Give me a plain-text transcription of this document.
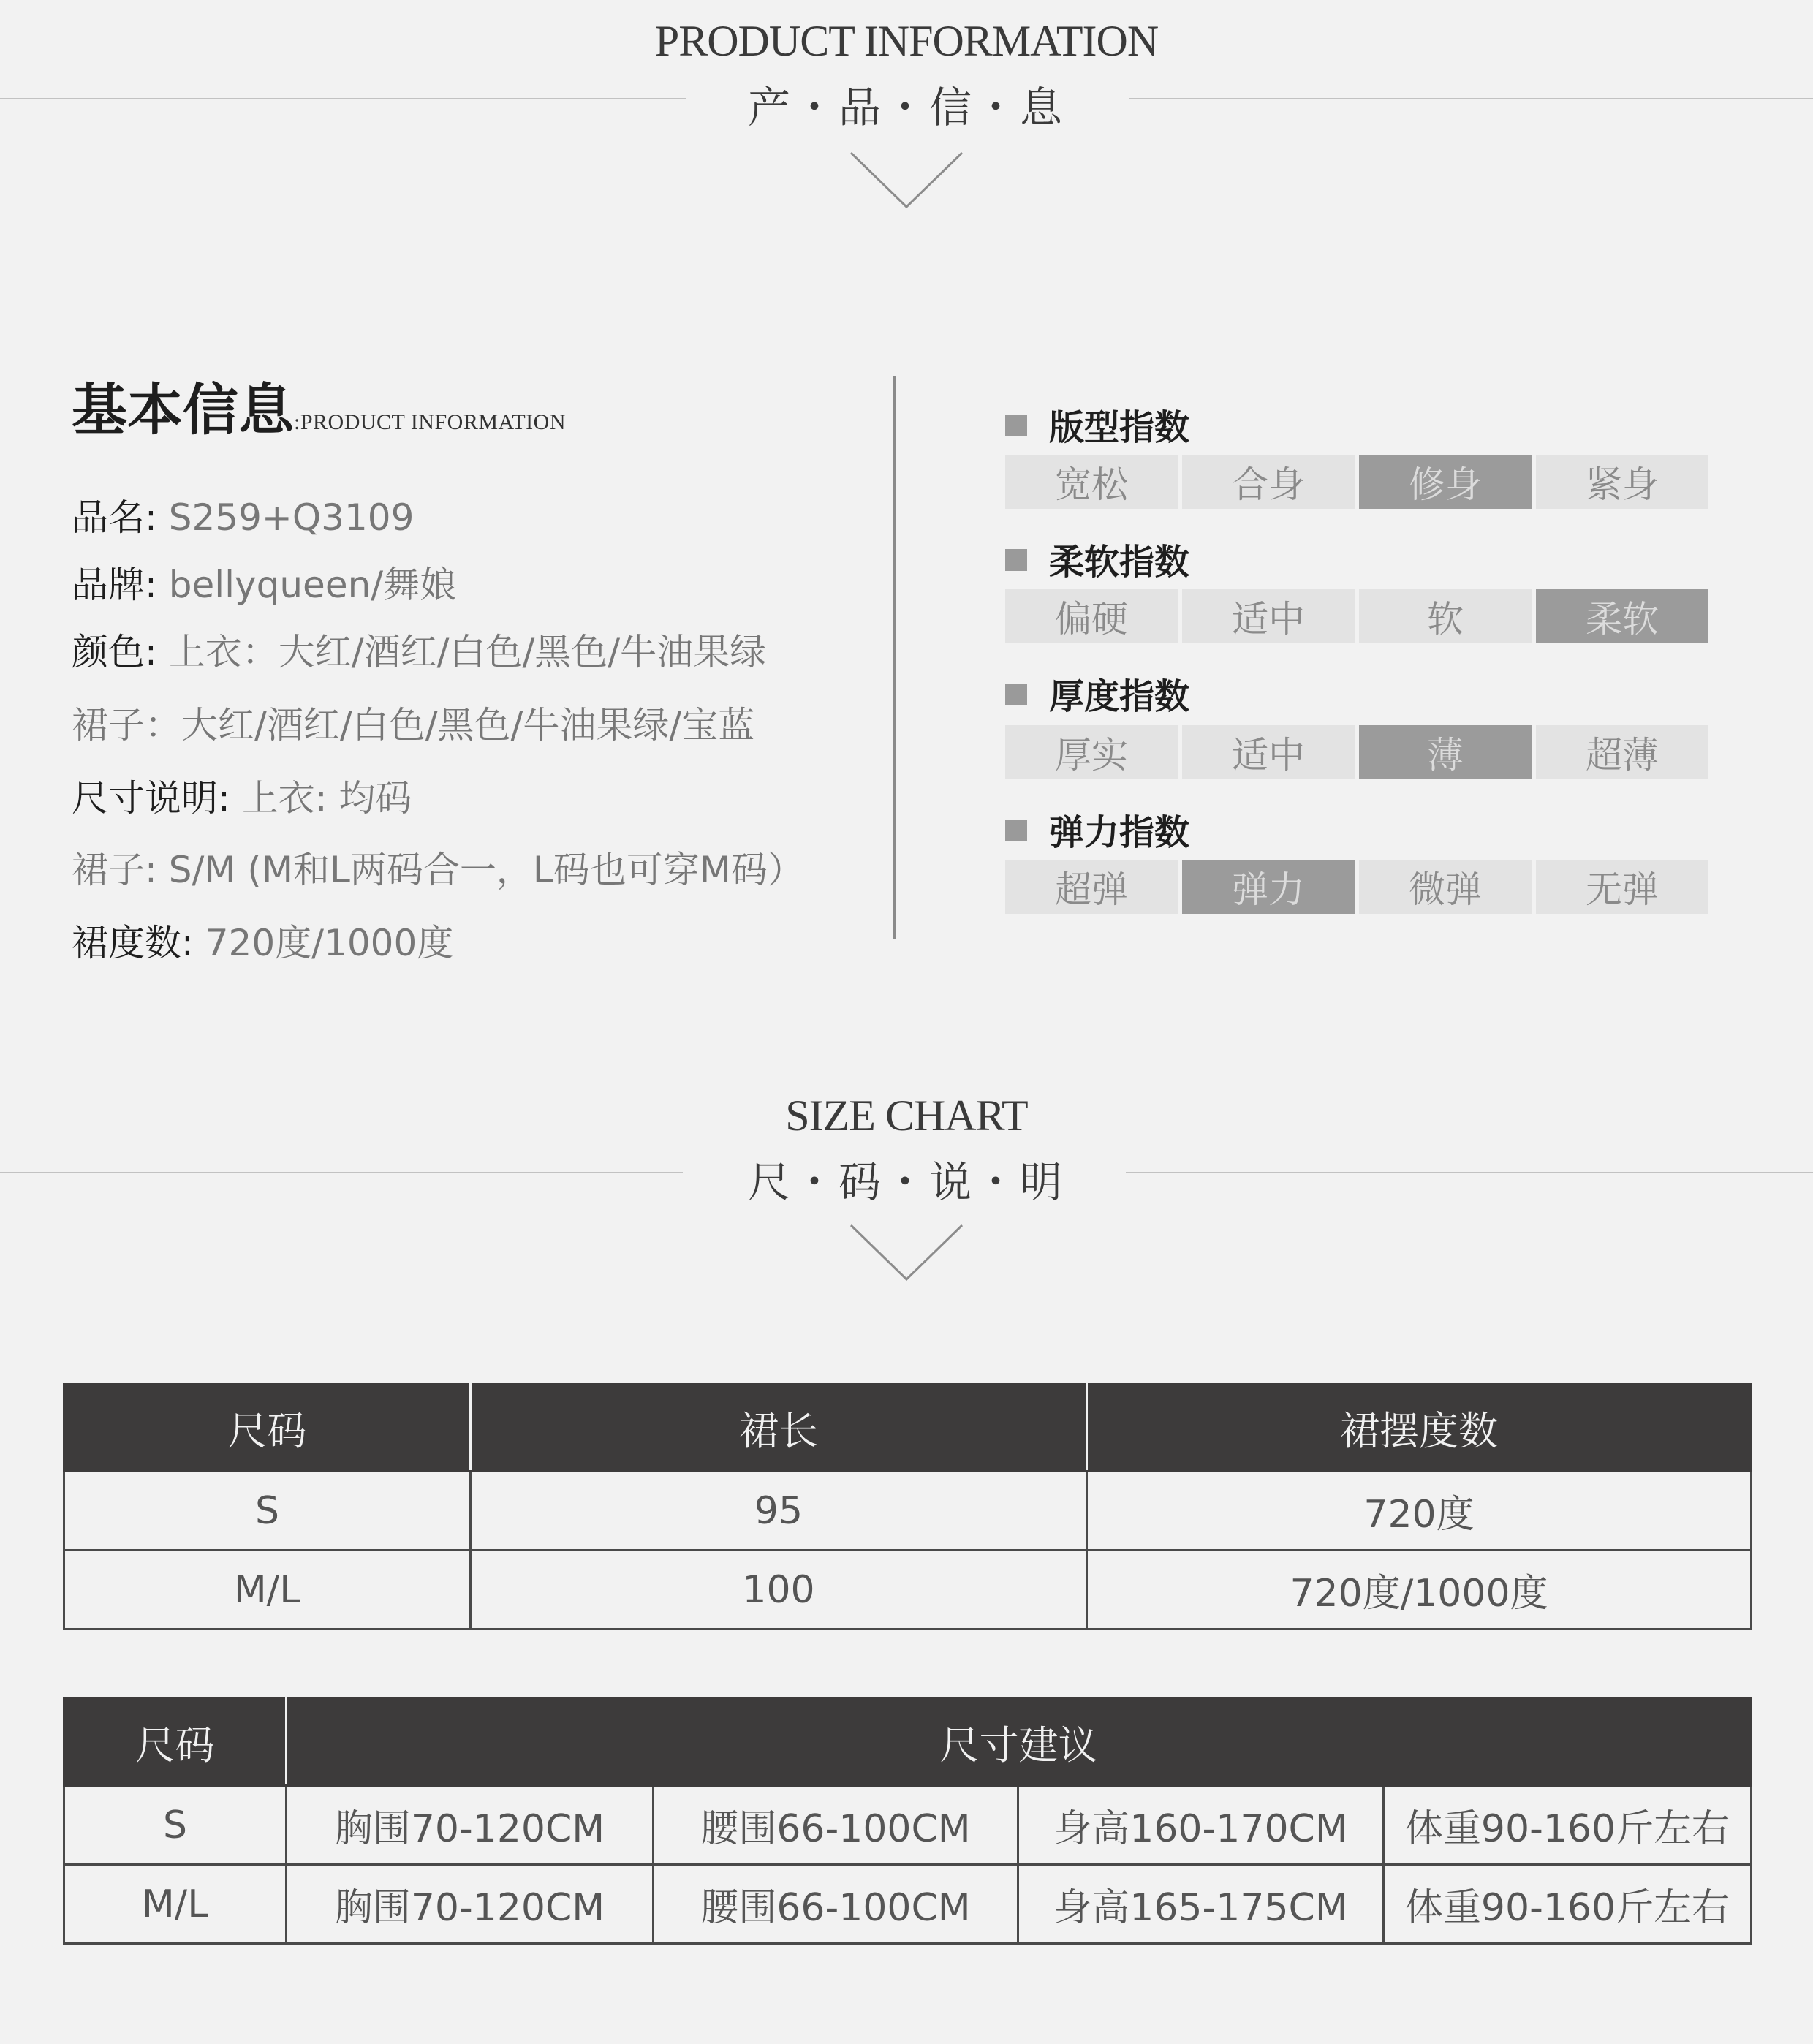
PRODUCT INFORMATION
产・品・信・息
基本信息:PRODUCT INFORMATION
品名: S259+Q3109
品牌: bellyqueen/舞娘
颜色: 上衣：大红/酒红/白色/黑色/牛油果绿
裙子：大红/酒红/白色/黑色/牛油果绿/宝蓝
尺寸说明: 上衣: 均码
裙子: S/M (M和L两码合一，L码也可穿M码）
裙度数: 720度/1000度
版型指数
宽松	合身	修身	紧身
柔软指数
偏硬	适中	软	柔软
厚度指数
厚实	适中	薄	超薄
弹力指数
超弹	弹力	微弹	无弹
SIZE CHART
尺・码・说・明
尺码	裙长	裙摆度数
S	95	720度
M/L	100	720度/1000度
尺码	尺寸建议			
S	胸围70-120CM	腰围66-100CM	身高160-170CM	体重90-160斤左右
M/L	胸围70-120CM	腰围66-100CM	身高165-175CM	体重90-160斤左右
